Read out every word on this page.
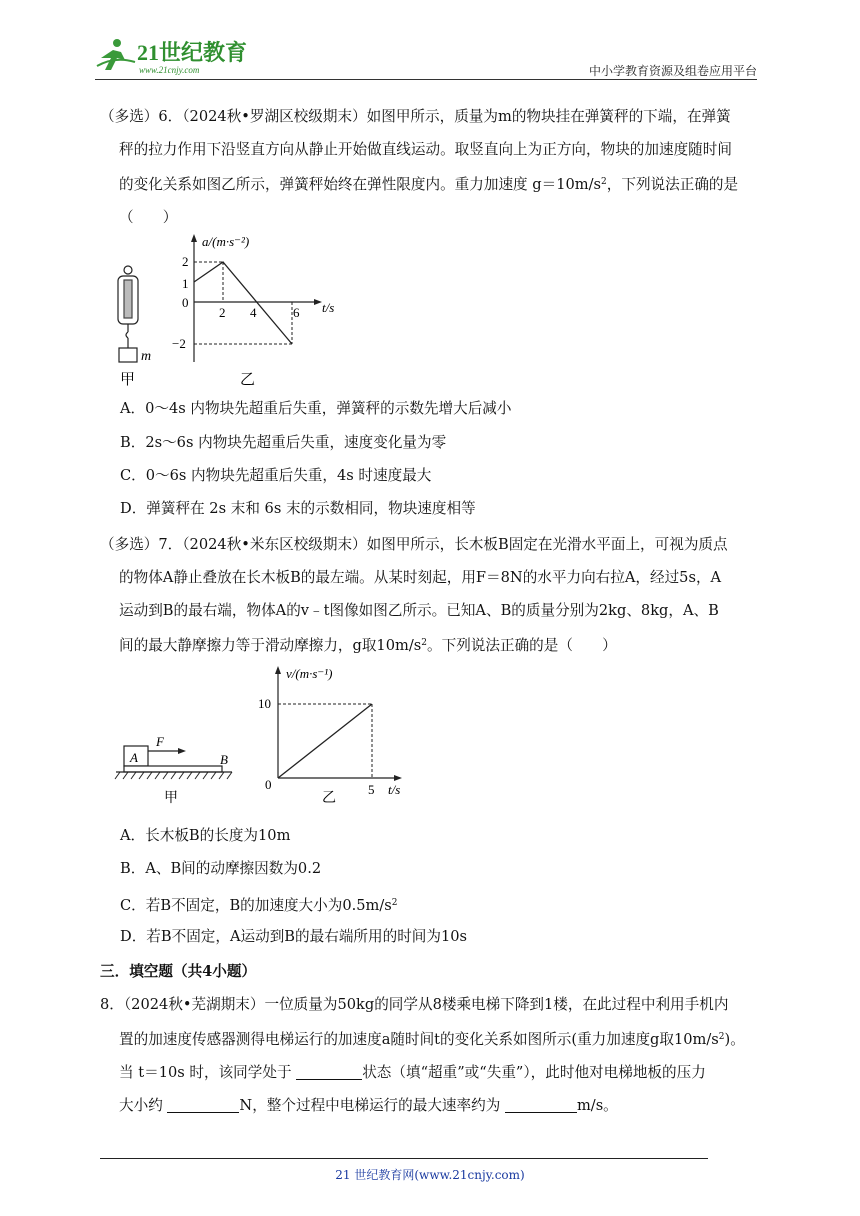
21世纪教育
www.21cnjy.com	中小学教育资源及组卷应用平台

（多选）6．（2024秋•罗湖区校级期末）如图甲所示，质量为m的物块挂在弹簧秤的下端，在弹簧

秤的拉力作用下沿竖直方向从静止开始做直线运动。取竖直向上为正方向，物块的加速度随时间

的变化关系如图乙所示，弹簧秤始终在弹性限度内。重力加速度 $g=10m/s^2$，下列说法正确的是

（　　）

m
甲
a/(m·s⁻²)
t/s
2
1
0
−2
2 4	6
乙
A．0～4s 内物块先超重后失重，弹簧秤的示数先增大后减小
B．2s～6s 内物块先超重后失重，速度变化量为零
C．0～6s 内物块先超重后失重，4s 时速度最大
D．弹簧秤在 2s 末和 6s 末的示数相同，物块速度相等

（多选）7．（2024秋•米东区校级期末）如图甲所示，长木板B固定在光滑水平面上，可视为质点

的物体A静止叠放在长木板B的最左端。从某时刻起，用F＝8N的水平力向右拉A，经过5s，A

运动到B的最右端，物体A的v﹣t图像如图乙所示。已知A、B的质量分别为2kg、8kg，A、B

间的最大静摩擦力等于滑动摩擦力，g取$10m/s^2$。下列说法正确的是（　　）

A
F
B
甲
v/(m·s⁻¹)
t/s
10
0	5
乙
A．长木板B的长度为10m
B．A、B间的动摩擦因数为0.2
C．若B不固定，B的加速度大小为$0.5m/s^2$
D．若B不固定，A运动到B的最右端所用的时间为10s
三．填空题（共4小题）

8．（2024秋•芜湖期末）一位质量为50kg的同学从8楼乘电梯下降到1楼，在此过程中利用手机内

置的加速度传感器测得电梯运行的加速度a随时间t的变化关系如图所示(重力加速度g取$10m/s^2$)。

当 t＝10s 时，该同学处于	状态（填“超重”或“失重”），此时他对电梯地板的压力

大小约	N，整个过程中电梯运行的最大速率约为	m/s。

21 世纪教育网(www.21cnjy.com)
